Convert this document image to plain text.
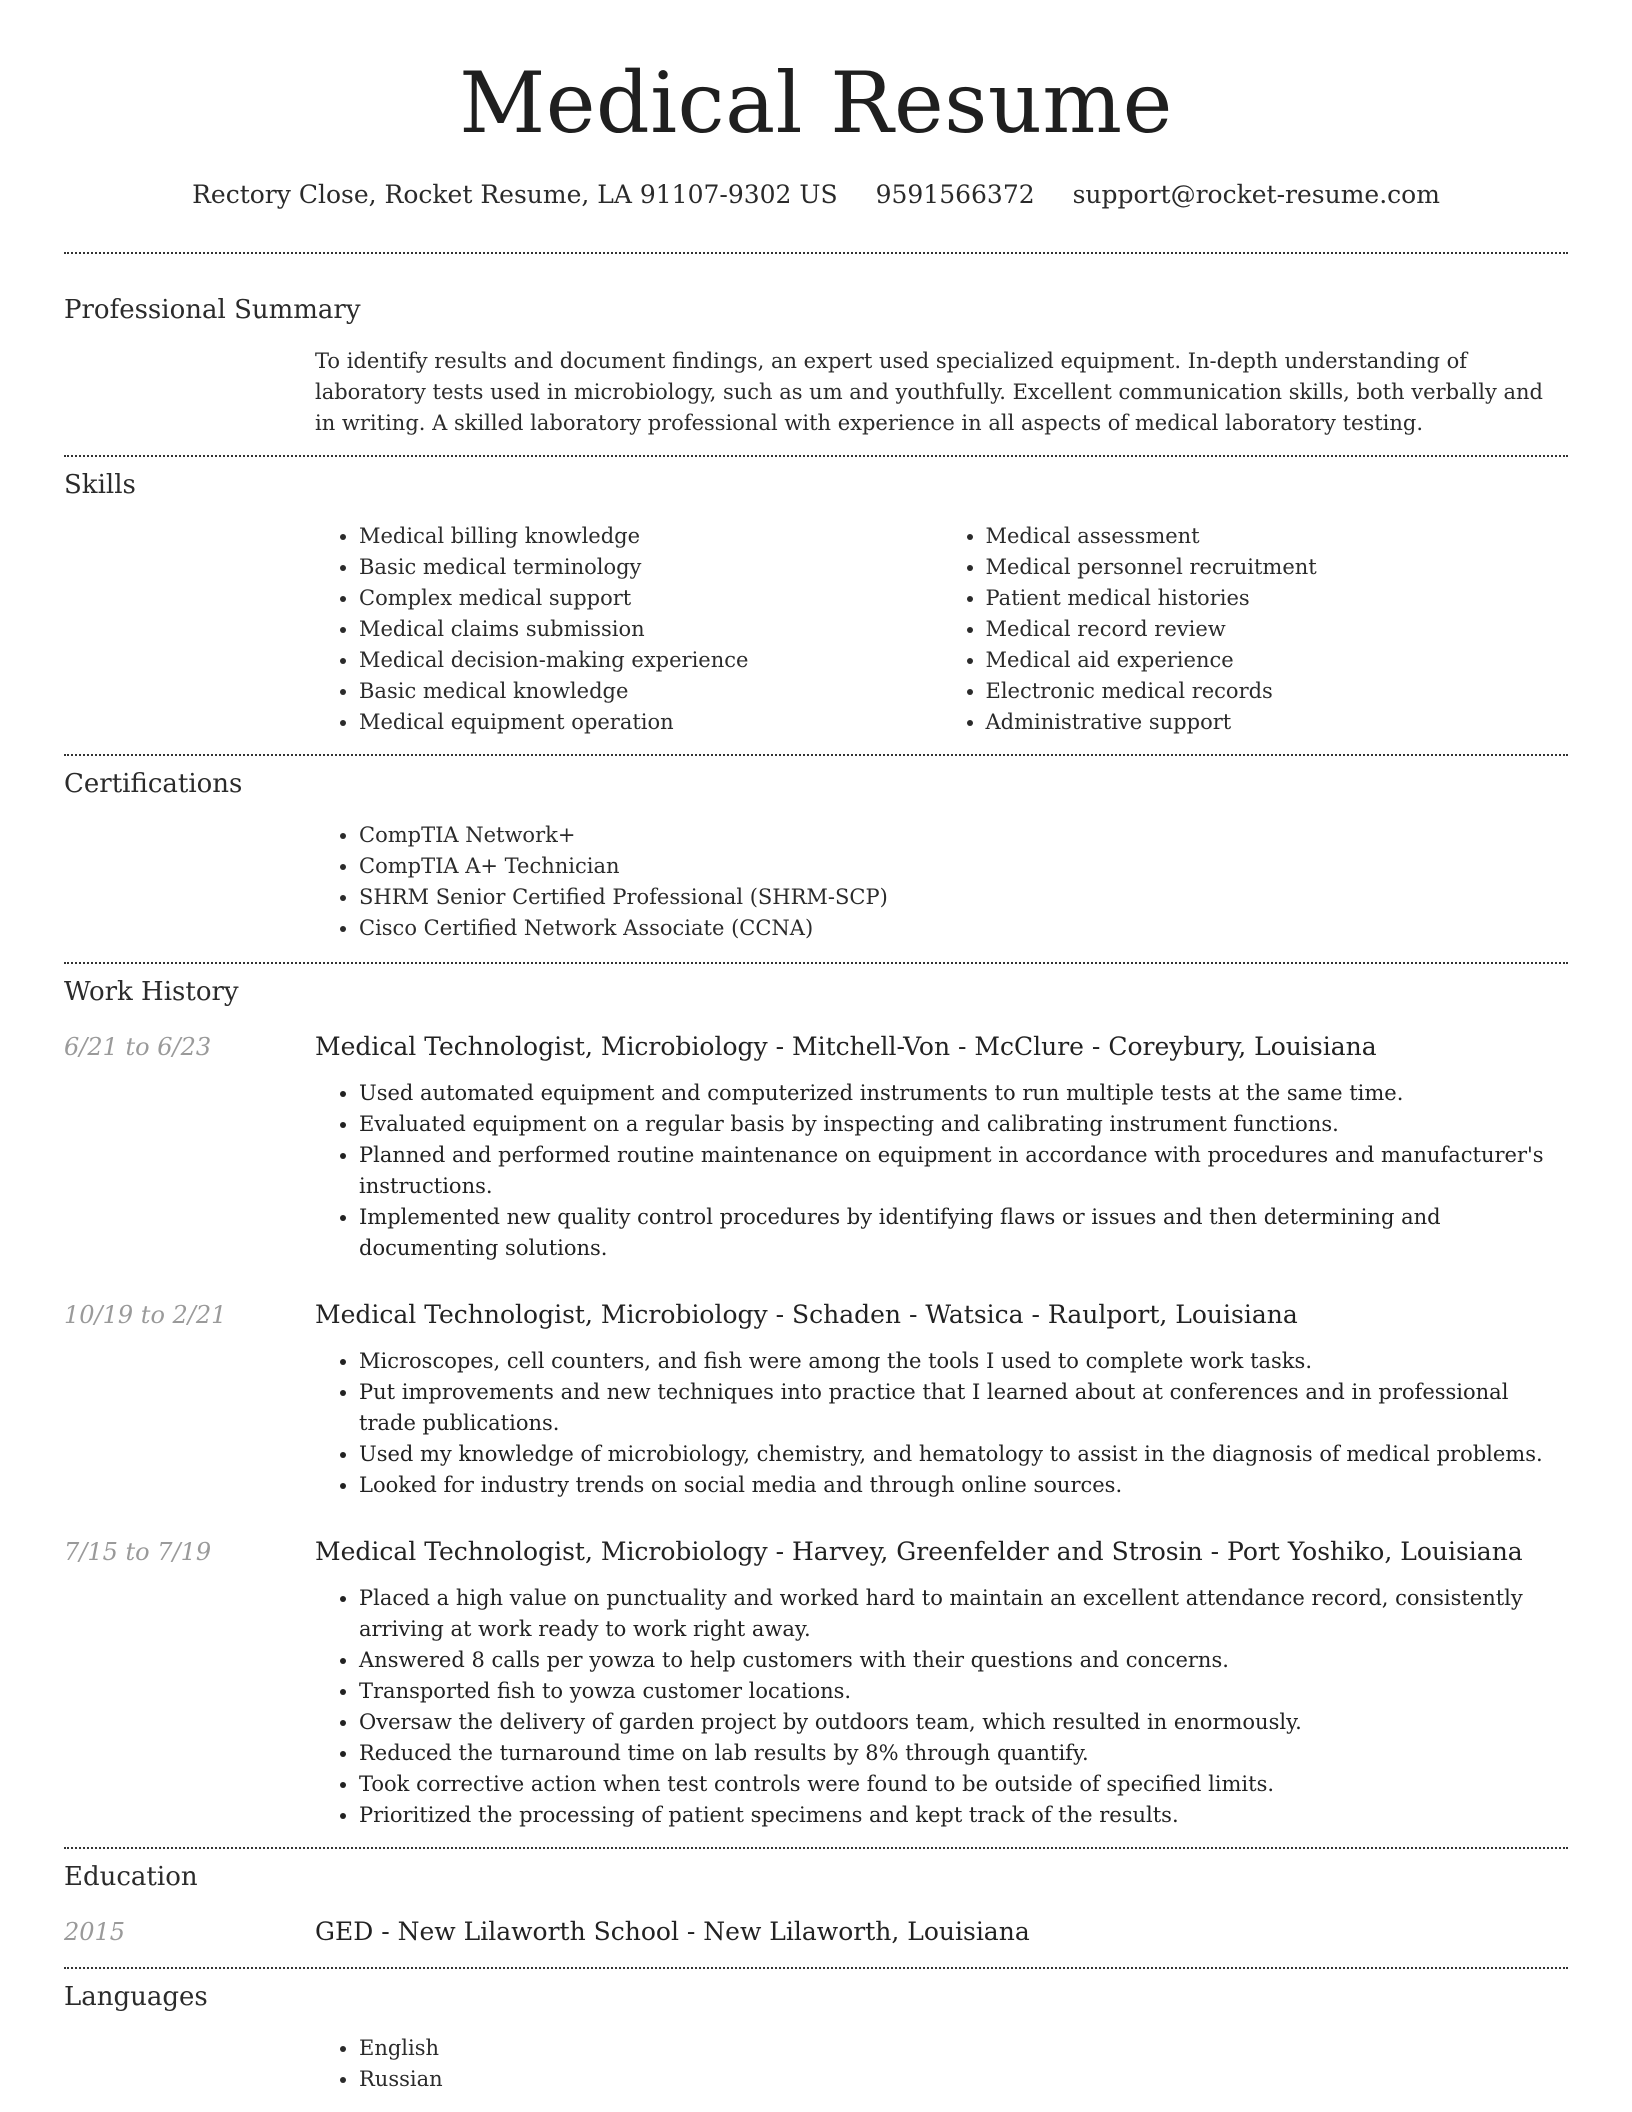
Medical Resume
Rectory Close, Rocket Resume, LA 91107-9302 US 9591566372 support@rocket-resume.com
Professional Summary

To identify results and document findings, an expert used specialized equipment. In-depth understanding of laboratory tests used in microbiology, such as um and youthfully. Excellent communication skills, both verbally and in writing. A skilled laboratory professional with experience in all aspects of medical laboratory testing.

Skills
• Medical billing knowledge
• Basic medical terminology
• Complex medical support
• Medical claims submission
• Medical decision-making experience
• Basic medical knowledge
• Medical equipment operation
• Medical assessment
• Medical personnel recruitment
• Patient medical histories
• Medical record review
• Medical aid experience
• Electronic medical records
• Administrative support
Certifications
• CompTIA Network+
• CompTIA A+ Technician
• SHRM Senior Certified Professional (SHRM-SCP)
• Cisco Certified Network Associate (CCNA)
Work History
6/21 to 6/23	Medical Technologist, Microbiology - Mitchell-Von - McClure - Coreybury, Louisiana
• Used automated equipment and computerized instruments to run multiple tests at the same time.
• Evaluated equipment on a regular basis by inspecting and calibrating instrument functions.
• Planned and performed routine maintenance on equipment in accordance with procedures and manufacturer's instructions.
• Implemented new quality control procedures by identifying flaws or issues and then determining and documenting solutions.
10/19 to 2/21	Medical Technologist, Microbiology - Schaden - Watsica - Raulport, Louisiana
• Microscopes, cell counters, and fish were among the tools I used to complete work tasks.
• Put improvements and new techniques into practice that I learned about at conferences and in professional trade publications.
• Used my knowledge of microbiology, chemistry, and hematology to assist in the diagnosis of medical problems.
• Looked for industry trends on social media and through online sources.
7/15 to 7/19	Medical Technologist, Microbiology - Harvey, Greenfelder and Strosin - Port Yoshiko, Louisiana
• Placed a high value on punctuality and worked hard to maintain an excellent attendance record, consistently arriving at work ready to work right away.
• Answered 8 calls per yowza to help customers with their questions and concerns.
• Transported fish to yowza customer locations.
• Oversaw the delivery of garden project by outdoors team, which resulted in enormously.
• Reduced the turnaround time on lab results by 8% through quantify.
• Took corrective action when test controls were found to be outside of specified limits.
• Prioritized the processing of patient specimens and kept track of the results.
Education
2015	GED - New Lilaworth School - New Lilaworth, Louisiana
Languages
• English
• Russian
